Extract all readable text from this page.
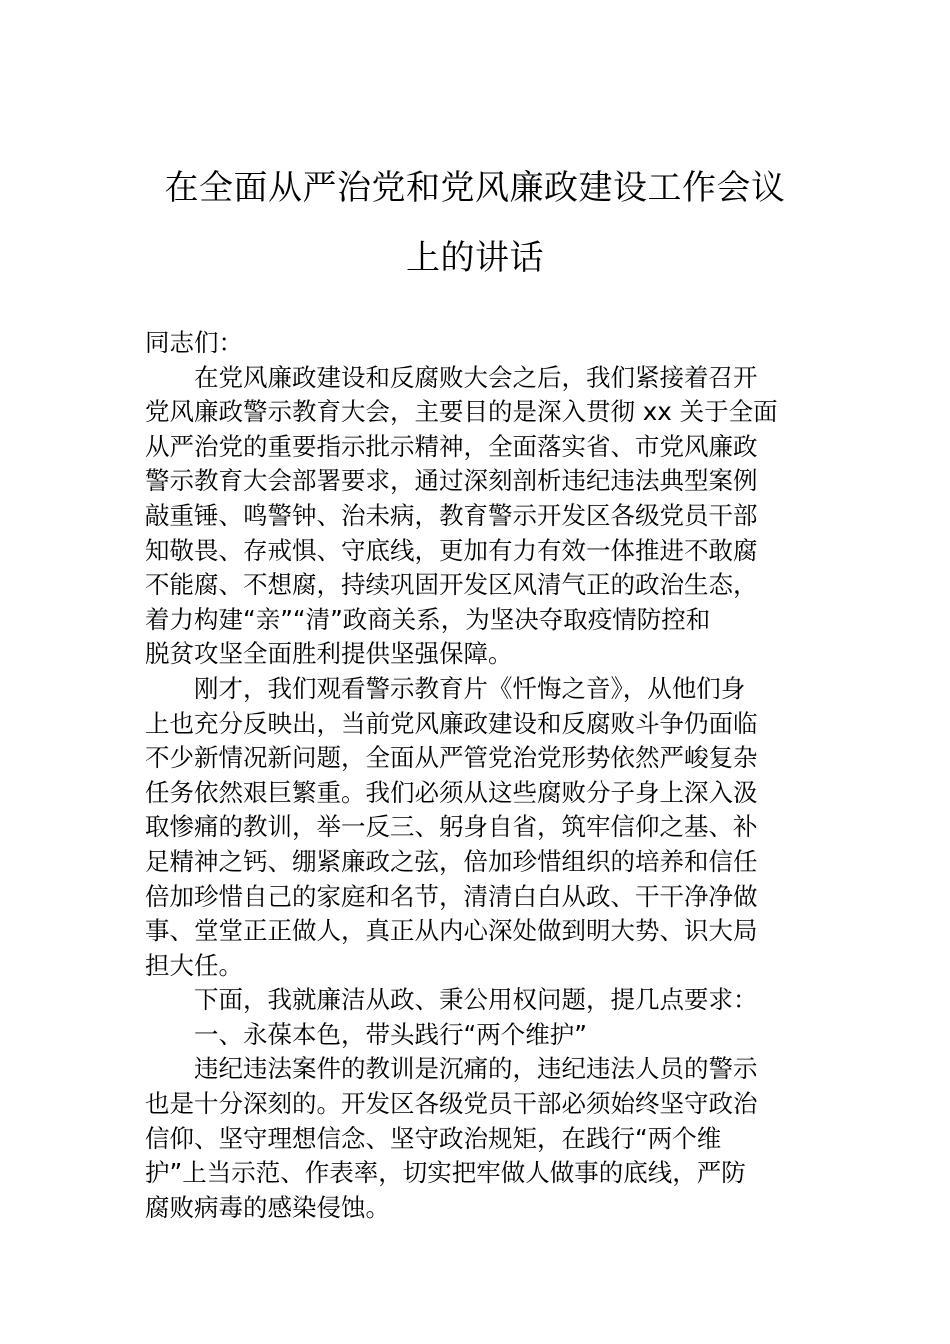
在全面从严治党和党风廉政建设工作会议
上的讲话
同志们：
在党风廉政建设和反腐败大会之后，我们紧接着召开
党风廉政警示教育大会，主要目的是深入贯彻 xx 关于全面
从严治党的重要指示批示精神，全面落实省、市党风廉政
警示教育大会部署要求，通过深刻剖析违纪违法典型案例
敲重锤、鸣警钟、治未病，教育警示开发区各级党员干部
知敬畏、存戒惧、守底线，更加有力有效一体推进不敢腐
不能腐、不想腐，持续巩固开发区风清气正的政治生态，
着力构建“亲”“清”政商关系，为坚决夺取疫情防控和
脱贫攻坚全面胜利提供坚强保障。
刚才，我们观看警示教育片《忏悔之音》，从他们身
上也充分反映出，当前党风廉政建设和反腐败斗争仍面临
不少新情况新问题，全面从严管党治党形势依然严峻复杂
任务依然艰巨繁重。我们必须从这些腐败分子身上深入汲
取惨痛的教训，举一反三、躬身自省，筑牢信仰之基、补
足精神之钙、绷紧廉政之弦，倍加珍惜组织的培养和信任
倍加珍惜自己的家庭和名节，清清白白从政、干干净净做
事、堂堂正正做人，真正从内心深处做到明大势、识大局
担大任。
下面，我就廉洁从政、秉公用权问题，提几点要求：
一、永葆本色，带头践行“两个维护”
违纪违法案件的教训是沉痛的，违纪违法人员的警示
也是十分深刻的。开发区各级党员干部必须始终坚守政治
信仰、坚守理想信念、坚守政治规矩，在践行“两个维
护”上当示范、作表率，切实把牢做人做事的底线，严防
腐败病毒的感染侵蚀。
